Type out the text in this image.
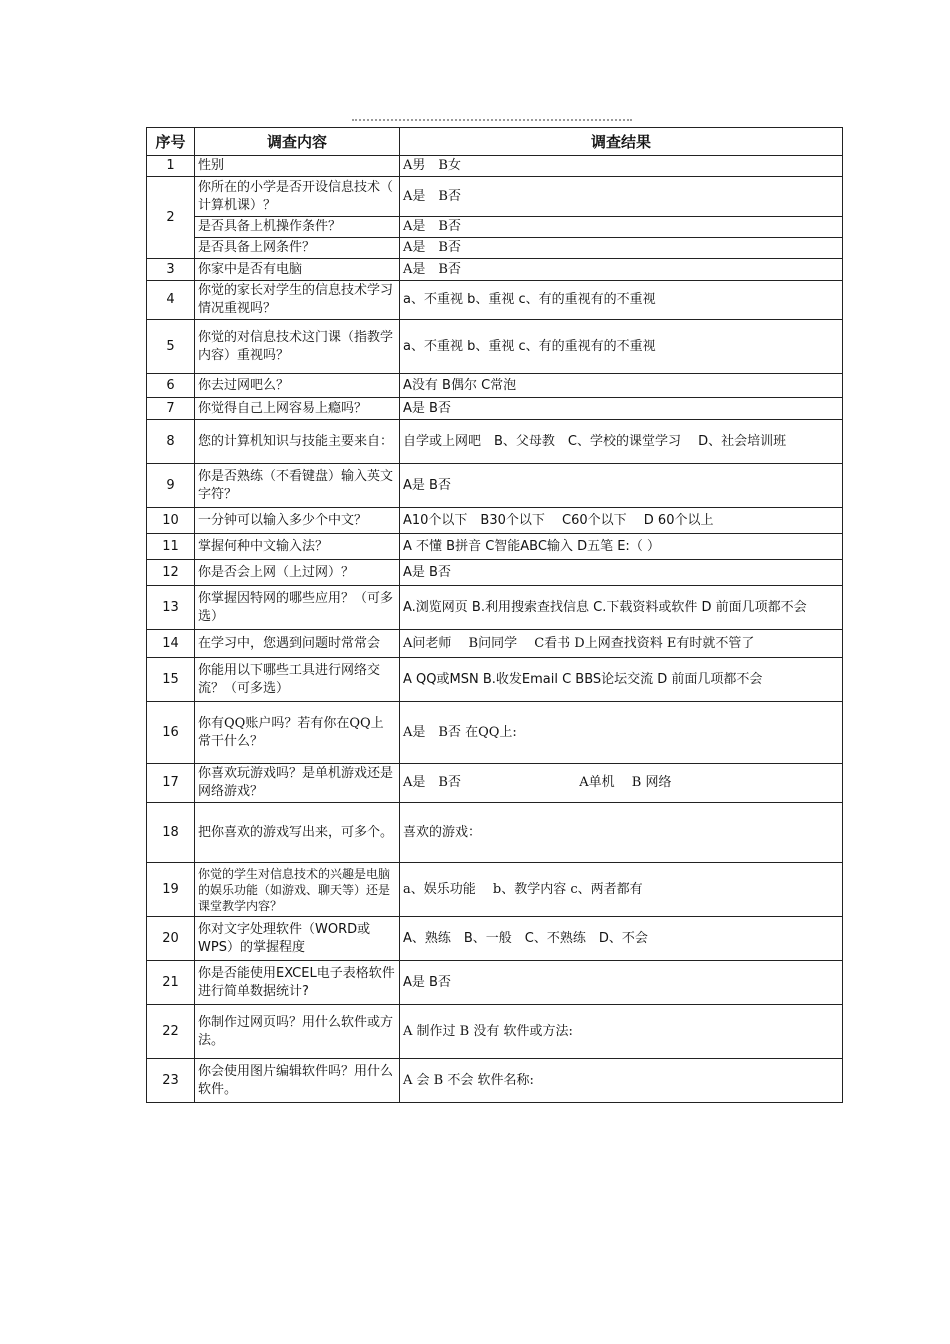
序号	调查内容	调查结果
1	性别	A男　B女
2	你所在的小学是否开设信息技术（ 计算机课）？	A是　B否
	是否具备上机操作条件？	A是　B否
	是否具备上网条件？	A是　B否
3	你家中是否有电脑	A是　B否
4	你觉的家长对学生的信息技术学习情况重视吗？	a、不重视 b、重视 c、有的重视有的不重视
5	你觉的对信息技术这门课（指教学内容）重视吗？	a、不重视 b、重视 c、有的重视有的不重视
6	你去过网吧么？	A没有 B偶尔 C常泡
7	你觉得自己上网容易上瘾吗？	A是 B否
8	您的计算机知识与技能主要来自：	自学或上网吧　B、父母教　C、学校的课堂学习　 D、社会培训班
9	你是否熟练（不看键盘）输入英文字符？	A是 B否
10	一分钟可以输入多少个中文？	A10个以下　B30个以下　 C60个以下　 D 60个以上
11	掌握何种中文输入法？	A 不懂 B拼音 C智能ABC输入 D五笔 E:（ ）
12	你是否会上网（上过网）？	A是 B否
13	你掌握因特网的哪些应用？（可多选）	A.浏览网页 B.利用搜索查找信息 C.下载资料或软件 D 前面几项都不会
14	在学习中，您遇到问题时常常会	A问老师　 B问同学　 C看书 D上网查找资料 E有时就不管了
15	你能用以下哪些工具进行网络交流？（可多选）	A QQ或MSN B.收发Email C BBS论坛交流 D 前面几项都不会
16	你有QQ账户吗？若有你在QQ上常干什么？	A是　B否 在QQ上:
17	你喜欢玩游戏吗？是单机游戏还是网络游戏？	A是　B否 A单机　 B 网络
18	把你喜欢的游戏写出来，可多个。	喜欢的游戏：
19	你觉的学生对信息技术的兴趣是电脑的娱乐功能（如游戏、聊天等）还是课堂教学内容？	a、娱乐功能　 b、教学内容 c、两者都有
20	你对文字处理软件（WORD或WPS）的掌握程度	A、熟练　B、一般　C、不熟练　D、不会
21	你是否能使用EXCEL电子表格软件进行简单数据统计?	A是 B否
22	你制作过网页吗？用什么软件或方法。	A 制作过 B 没有 软件或方法:
23	你会使用图片编辑软件吗？用什么软件。	A 会 B 不会 软件名称:
